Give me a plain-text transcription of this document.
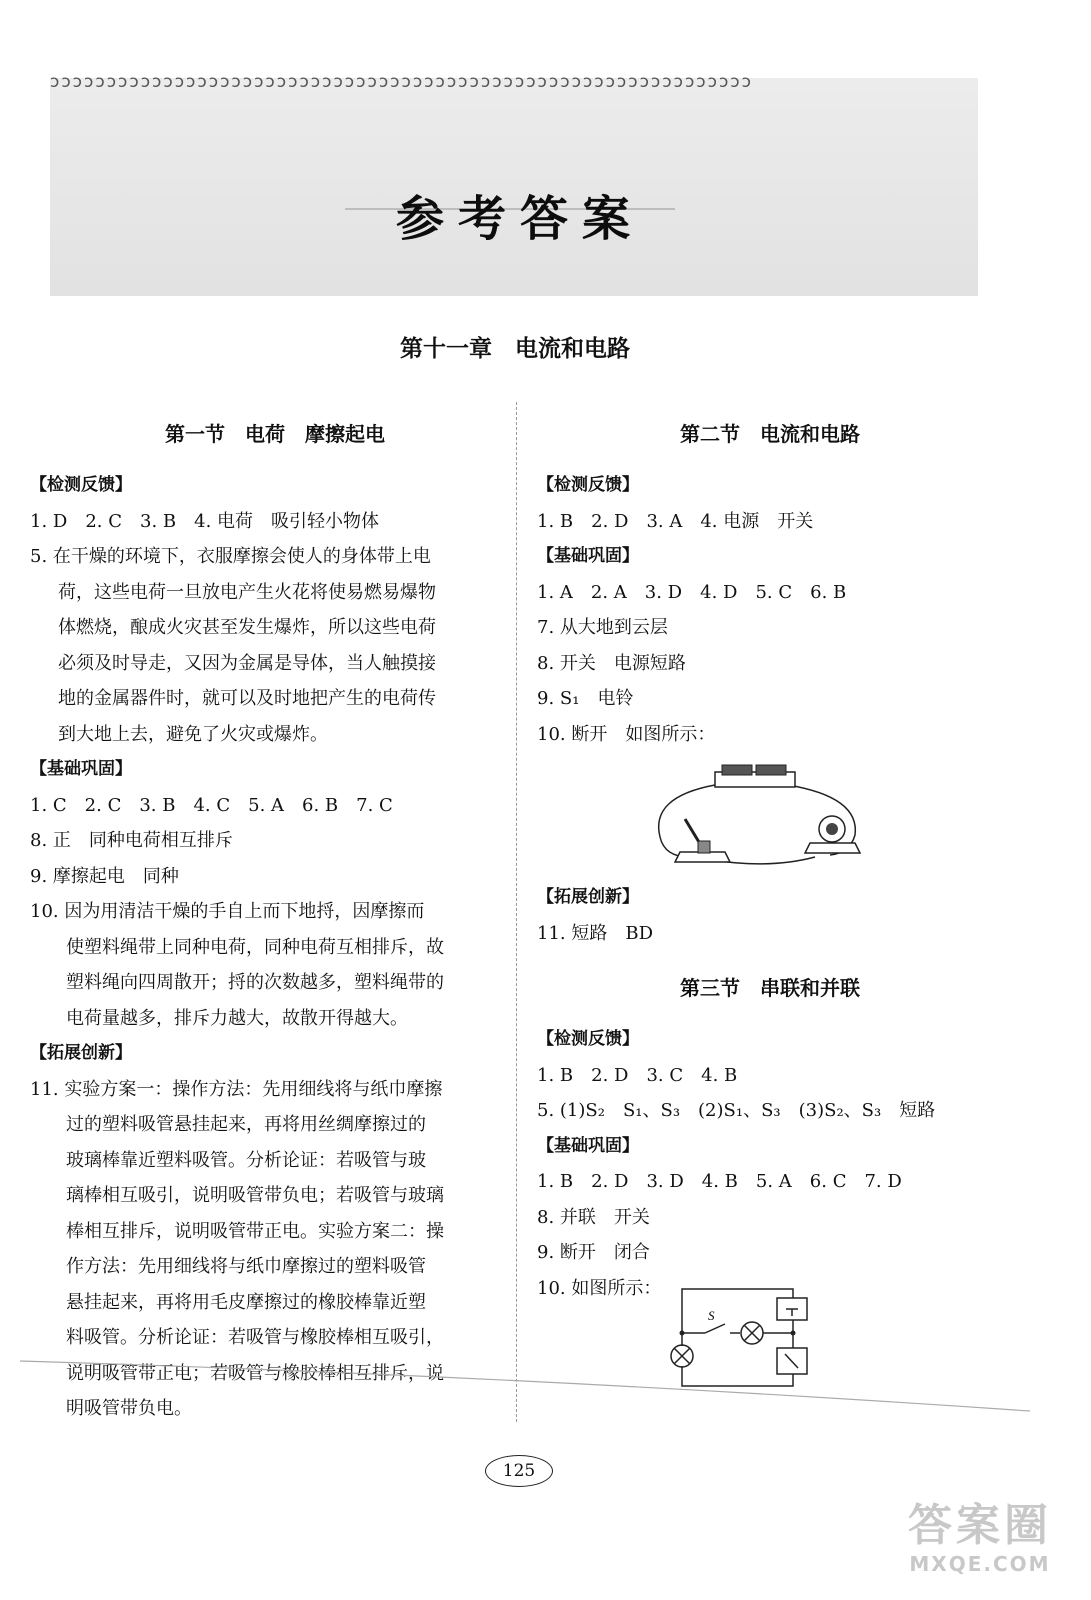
ɔɔɔɔɔɔɔɔɔɔɔɔɔɔɔɔɔɔɔɔɔɔɔɔɔɔɔɔɔɔɔɔɔɔɔɔɔɔɔɔɔɔɔɔɔɔɔɔɔɔɔɔɔɔɔɔɔɔɔɔɔɔ
参考答案
第十一章　电流和电路
第一节　电荷　摩擦起电
【检测反馈】
1. D　2. C　3. B　4. 电荷　吸引轻小物体
5. 在干燥的环境下，衣服摩擦会使人的身体带上电
荷，这些电荷一旦放电产生火花将使易燃易爆物
体燃烧，酿成火灾甚至发生爆炸，所以这些电荷
必须及时导走，又因为金属是导体，当人触摸接
地的金属器件时，就可以及时地把产生的电荷传
到大地上去，避免了火灾或爆炸。
【基础巩固】
1. C　2. C　3. B　4. C　5. A　6. B　7. C
8. 正　同种电荷相互排斥
9. 摩擦起电　同种
10. 因为用清洁干燥的手自上而下地捋，因摩擦而
使塑料绳带上同种电荷，同种电荷互相排斥，故
塑料绳向四周散开；捋的次数越多，塑料绳带的
电荷量越多，排斥力越大，故散开得越大。
【拓展创新】
11. 实验方案一：操作方法：先用细线将与纸巾摩擦
过的塑料吸管悬挂起来，再将用丝绸摩擦过的
玻璃棒靠近塑料吸管。分析论证：若吸管与玻
璃棒相互吸引，说明吸管带负电；若吸管与玻璃
棒相互排斥，说明吸管带正电。实验方案二：操
作方法：先用细线将与纸巾摩擦过的塑料吸管
悬挂起来，再将用毛皮摩擦过的橡胶棒靠近塑
料吸管。分析论证：若吸管与橡胶棒相互吸引，
说明吸管带正电；若吸管与橡胶棒相互排斥，说
明吸管带负电。
第二节　电流和电路
【检测反馈】
1. B　2. D　3. A　4. 电源　开关
【基础巩固】
1. A　2. A　3. D　4. D　5. C　6. B
7. 从大地到云层
8. 开关　电源短路
9. S₁　电铃
10. 断开　如图所示：
【拓展创新】
11. 短路　BD
第三节　串联和并联
【检测反馈】
1. B　2. D　3. C　4. B
5. (1)S₂　S₁、S₃　(2)S₁、S₃　(3)S₂、S₃　短路
【基础巩固】
1. B　2. D　3. D　4. B　5. A　6. C　7. D
8. 并联　开关
9. 断开　闭合
10. 如图所示：
S
125
答案圈
MXQE.COM
